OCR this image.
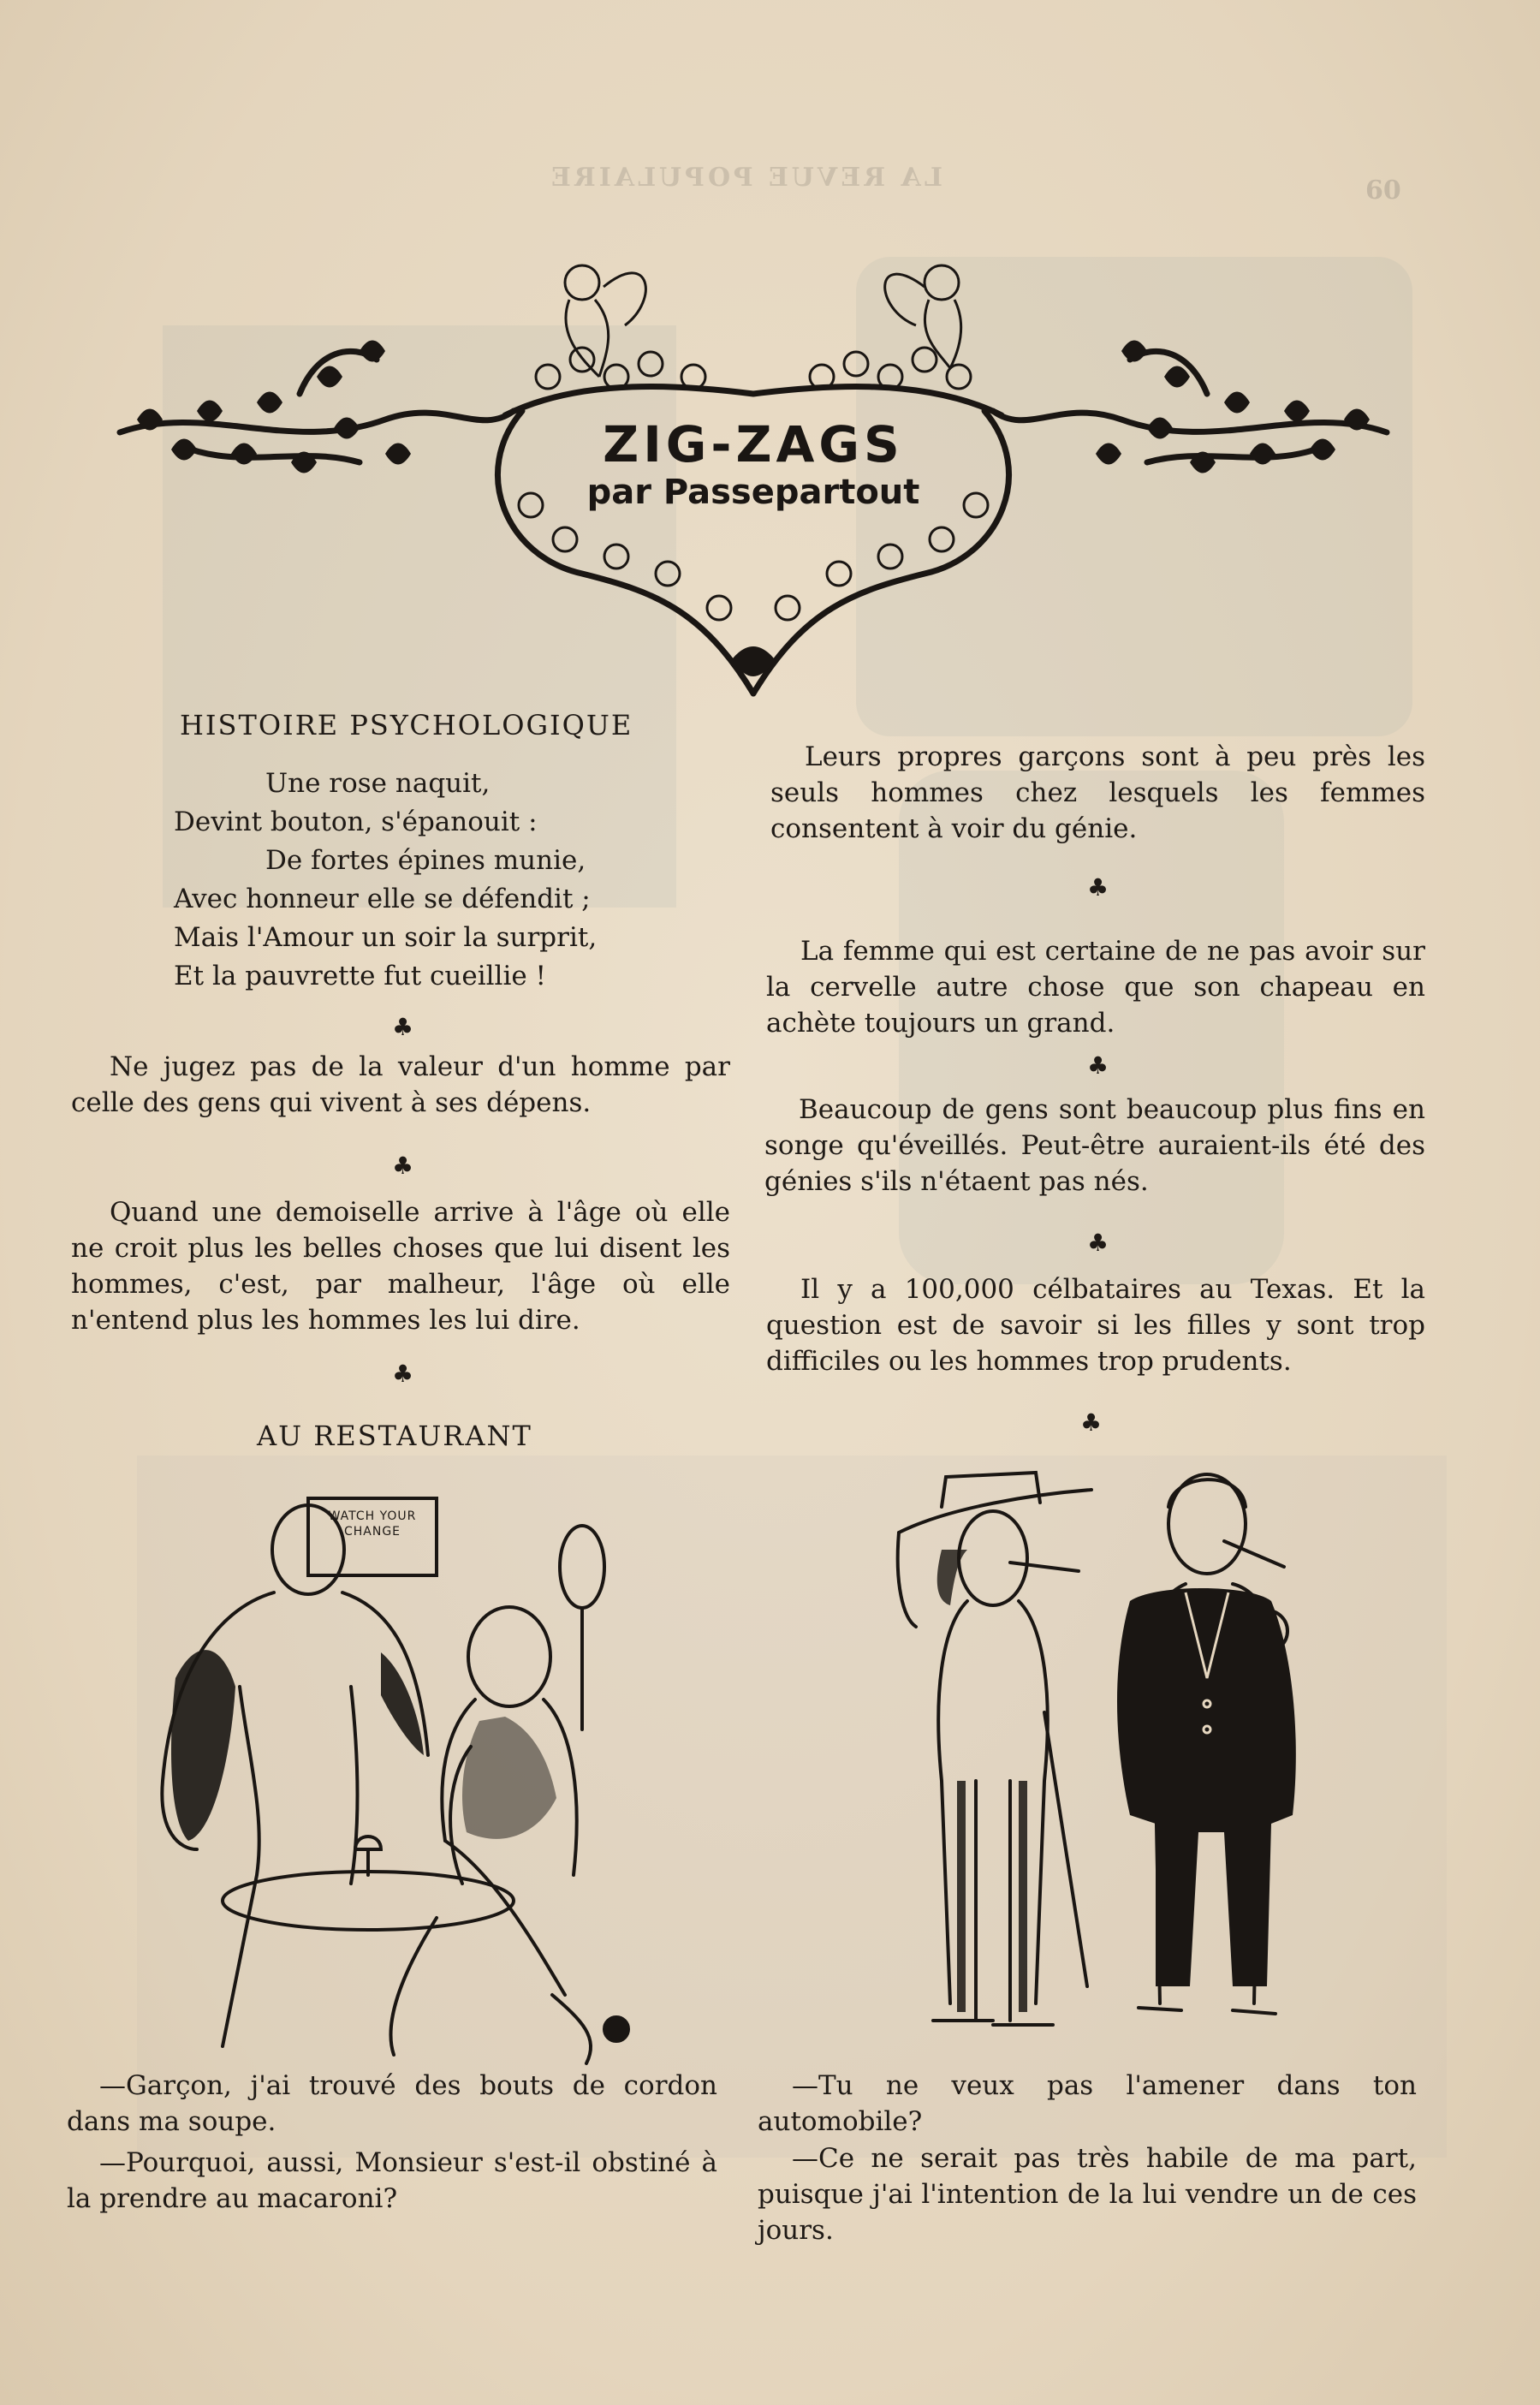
LA REVUE POPULAIRE	60
ZIG-ZAGS
par Passepartout
HISTOIRE PSYCHOLOGIQUE
Une rose naquit,
Devint bouton, s'épanouit :
De fortes épines munie,
Avec honneur elle se défendit ;
Mais l'Amour un soir la surprit,
Et la pauvrette fut cueillie !
♣
Ne jugez pas de la valeur d'un homme par celle des gens qui vivent à ses dépens.
♣
Quand une demoiselle arrive à l'âge où elle ne croit plus les belles choses que lui disent les hommes, c'est, par malheur, l'âge où elle n'entend plus les hommes les lui dire.
♣
AU RESTAURANT
WATCH YOUR CHANGE
—Garçon, j'ai trouvé des bouts de cordon dans ma soupe.
—Pourquoi, aussi, Monsieur s'est-il obstiné à la prendre au macaroni?
Leurs propres garçons sont à peu près les seuls hommes chez lesquels les femmes consentent à voir du génie.
♣
La femme qui est certaine de ne pas avoir sur la cervelle autre chose que son chapeau en achète toujours un grand.
♣
Beaucoup de gens sont beaucoup plus fins en songe qu'éveillés. Peut-être auraient-ils été des génies s'ils n'étaent pas nés.
♣
Il y a 100,000 célbataires au Texas. Et la question est de savoir si les filles y sont trop difficiles ou les hommes trop prudents.
♣
—Tu ne veux pas l'amener dans ton automobile?
—Ce ne serait pas très habile de ma part, puisque j'ai l'intention de la lui vendre un de ces jours.
